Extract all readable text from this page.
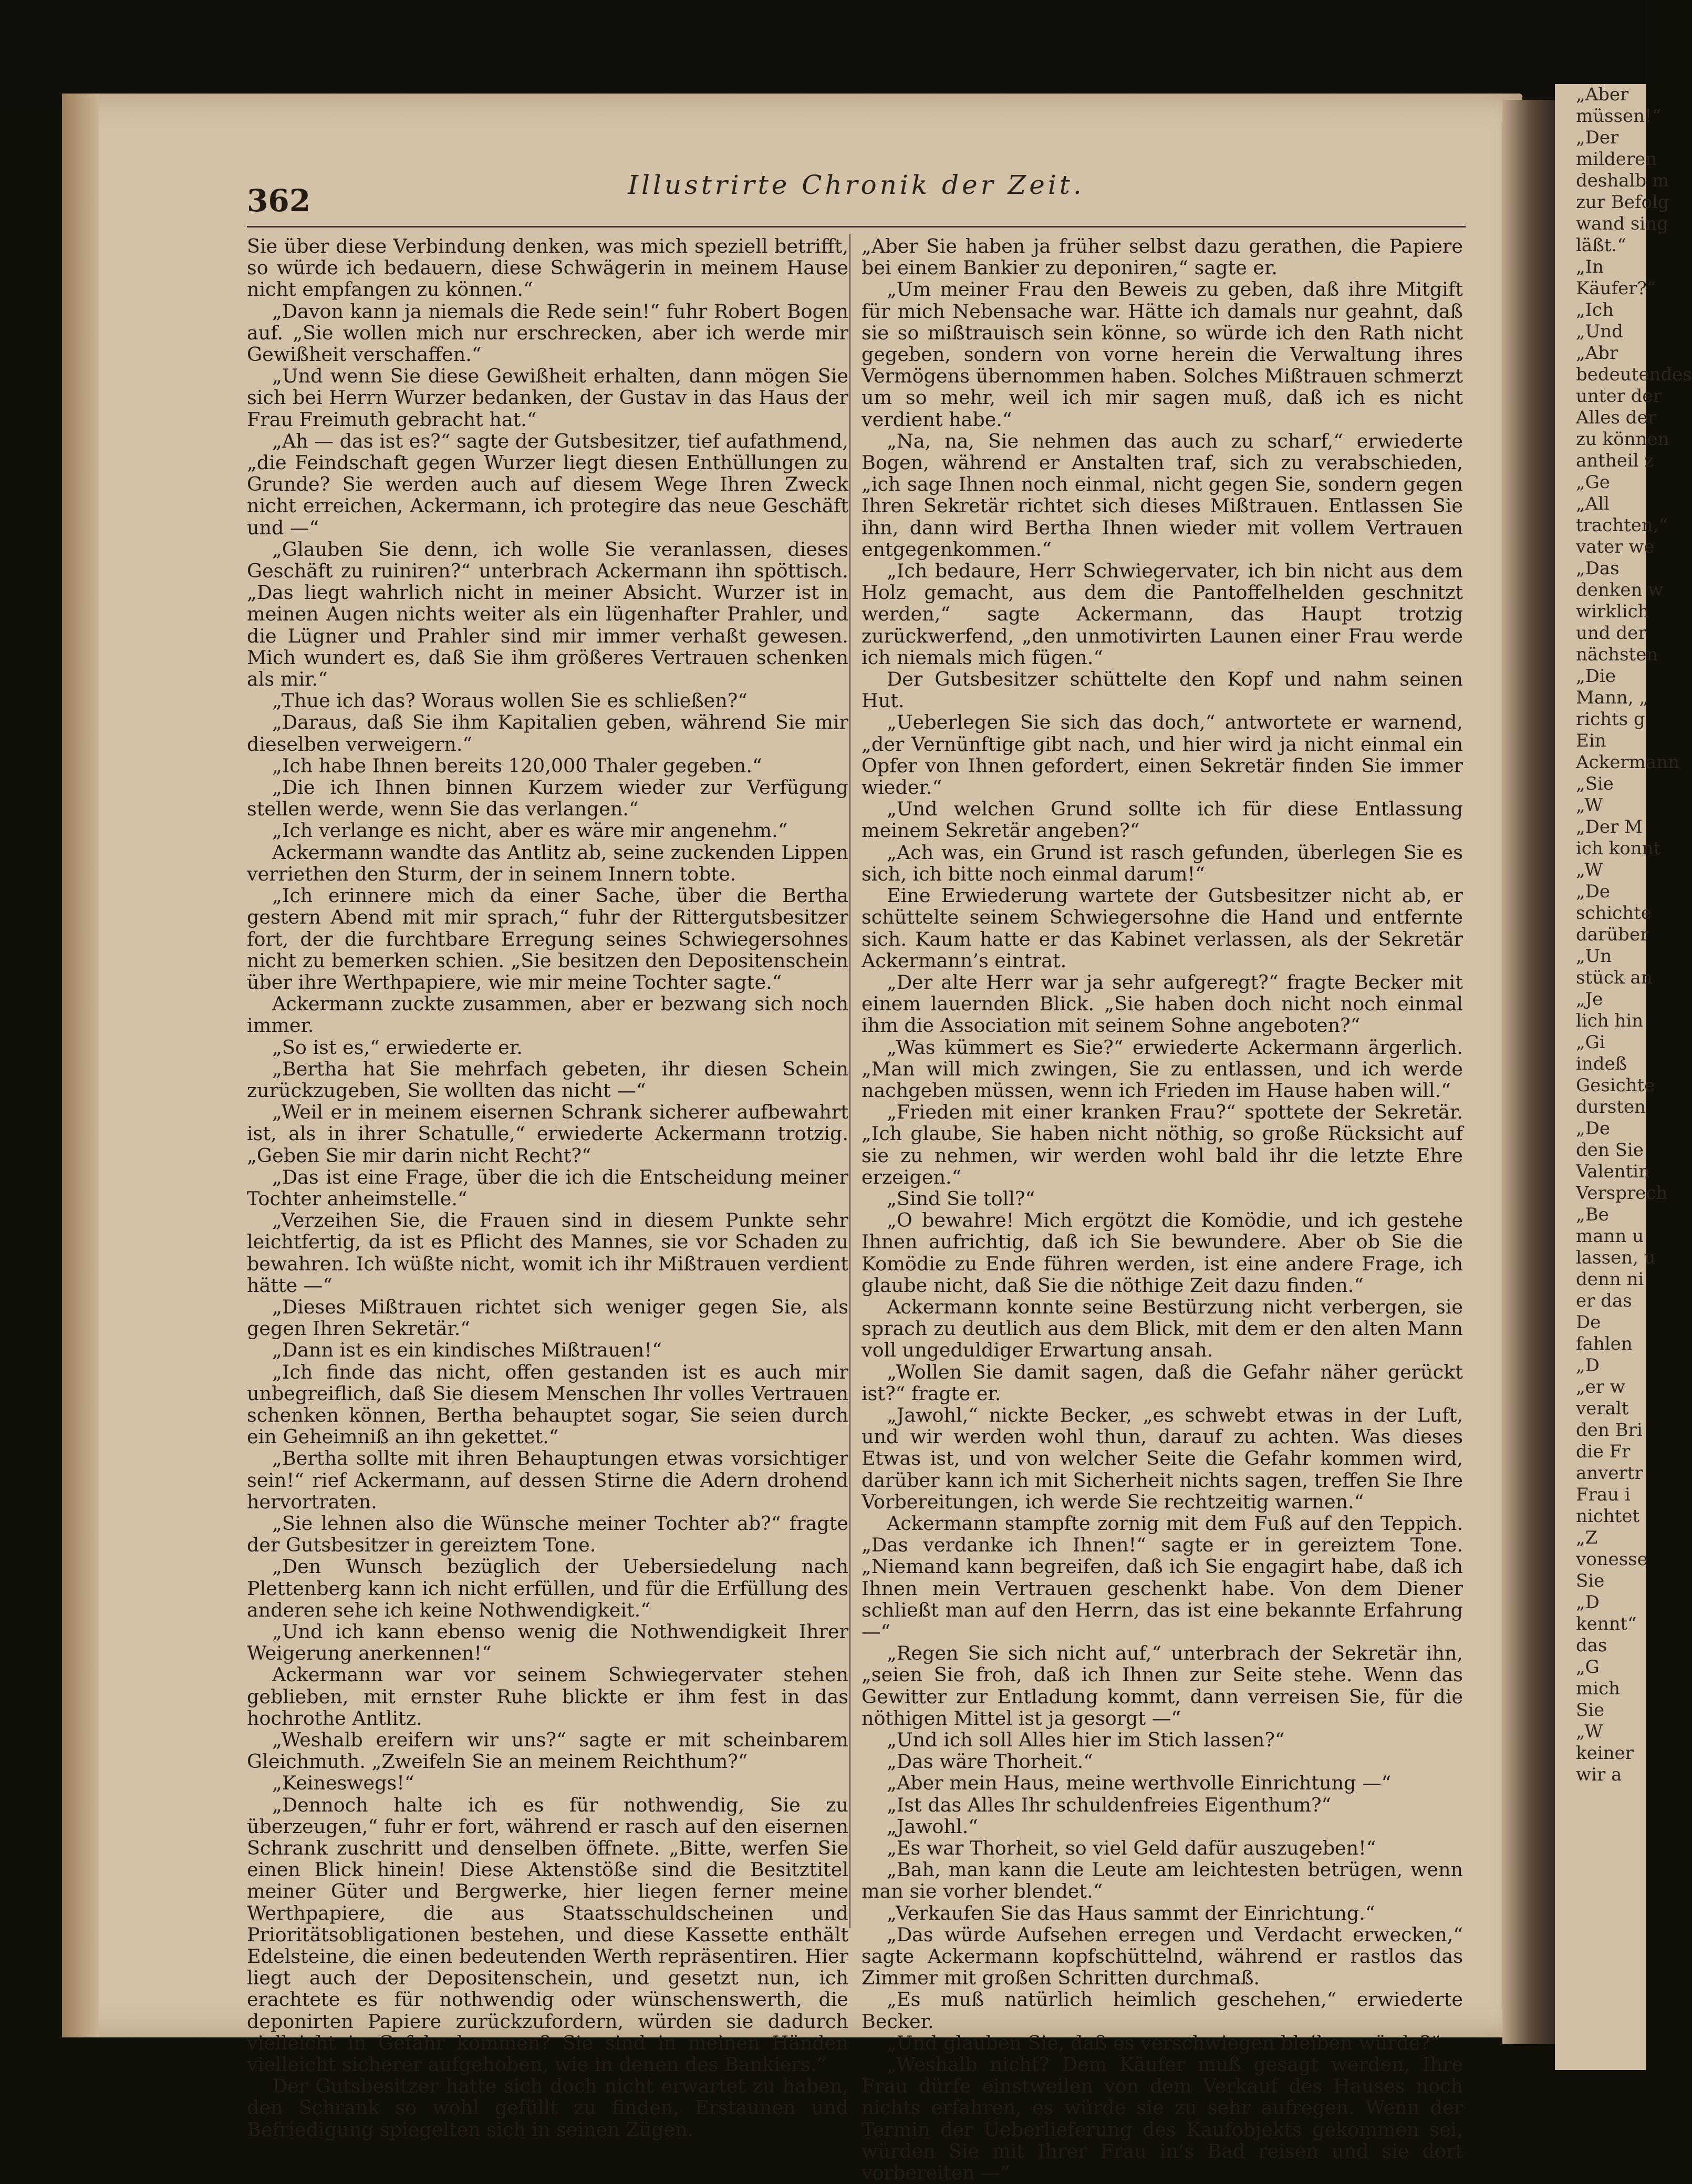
„Aber
müssen!“
„Der
milderen
deshalb m
zur Befolg
wand sing
läßt.“
„In
Käufer?“
„Ich
„Und
„Abr
bedeutendes
unter der
Alles der
zu können
antheil z
„Ge
„All
trachten,“
vater we
„Das
denken w
wirklich
und der
nächsten
„Die
Mann, „
richts g
Ein
Ackermann
„Sie
„W
„Der M
ich konnt
„W
„De
schichte
darüber
„Un
stück an
„Je
lich hin
„Gi
indeß
Gesichte
dursten
„De
den Sie
Valentin
Versprech
„Be
mann u
lassen, u
denn ni
er das
De
fahlen
„D
„er w
veralt
den Bri
die Fr
anvertr
Frau i
nichtet
„Z
vonesse
Sie
„D
kennt“
das
„G
mich
Sie
„W
keiner
wir a
362	Illustrirte Chronik der Zeit.

Sie über diese Verbindung denken, was mich speziell betrifft, so würde ich bedauern, diese Schwägerin in meinem Hause nicht empfangen zu können.“

„Davon kann ja niemals die Rede sein!“ fuhr Robert Bogen auf. „Sie wollen mich nur erschrecken, aber ich werde mir Gewißheit verschaffen.“

„Und wenn Sie diese Gewißheit erhalten, dann mögen Sie sich bei Herrn Wurzer bedanken, der Gustav in das Haus der Frau Freimuth gebracht hat.“

„Ah — das ist es?“ sagte der Gutsbesitzer, tief aufathmend, „die Feindschaft gegen Wurzer liegt diesen Enthüllungen zu Grunde? Sie werden auch auf diesem Wege Ihren Zweck nicht erreichen, Ackermann, ich protegire das neue Geschäft und —“

„Glauben Sie denn, ich wolle Sie veranlassen, dieses Geschäft zu ruiniren?“ unterbrach Ackermann ihn spöttisch. „Das liegt wahrlich nicht in meiner Absicht. Wurzer ist in meinen Augen nichts weiter als ein lügenhafter Prahler, und die Lügner und Prahler sind mir immer verhaßt gewesen. Mich wundert es, daß Sie ihm größeres Vertrauen schenken als mir.“

„Thue ich das? Woraus wollen Sie es schließen?“

„Daraus, daß Sie ihm Kapitalien geben, während Sie mir dieselben verweigern.“

„Ich habe Ihnen bereits 120,000 Thaler gegeben.“

„Die ich Ihnen binnen Kurzem wieder zur Verfügung stellen werde, wenn Sie das verlangen.“

„Ich verlange es nicht, aber es wäre mir angenehm.“

Ackermann wandte das Antlitz ab, seine zuckenden Lippen verriethen den Sturm, der in seinem Innern tobte.

„Ich erinnere mich da einer Sache, über die Bertha gestern Abend mit mir sprach,“ fuhr der Rittergutsbesitzer fort, der die furchtbare Erregung seines Schwiegersohnes nicht zu bemerken schien. „Sie besitzen den Depositenschein über ihre Werthpapiere, wie mir meine Tochter sagte.“

Ackermann zuckte zusammen, aber er bezwang sich noch immer.

„So ist es,“ erwiederte er.

„Bertha hat Sie mehrfach gebeten, ihr diesen Schein zurückzugeben, Sie wollten das nicht —“

„Weil er in meinem eisernen Schrank sicherer aufbewahrt ist, als in ihrer Schatulle,“ erwiederte Ackermann trotzig. „Geben Sie mir darin nicht Recht?“

„Das ist eine Frage, über die ich die Entscheidung meiner Tochter anheimstelle.“

„Verzeihen Sie, die Frauen sind in diesem Punkte sehr leichtfertig, da ist es Pflicht des Mannes, sie vor Schaden zu bewahren. Ich wüßte nicht, womit ich ihr Mißtrauen verdient hätte —“

„Dieses Mißtrauen richtet sich weniger gegen Sie, als gegen Ihren Sekretär.“

„Dann ist es ein kindisches Mißtrauen!“

„Ich finde das nicht, offen gestanden ist es auch mir unbegreiflich, daß Sie diesem Menschen Ihr volles Vertrauen schenken können, Bertha behauptet sogar, Sie seien durch ein Geheimniß an ihn gekettet.“

„Bertha sollte mit ihren Behauptungen etwas vorsichtiger sein!“ rief Ackermann, auf dessen Stirne die Adern drohend hervortraten.

„Sie lehnen also die Wünsche meiner Tochter ab?“ fragte der Gutsbesitzer in gereiztem Tone.

„Den Wunsch bezüglich der Uebersiedelung nach Plettenberg kann ich nicht erfüllen, und für die Erfüllung des anderen sehe ich keine Nothwendigkeit.“

„Und ich kann ebenso wenig die Nothwendigkeit Ihrer Weigerung anerkennen!“

Ackermann war vor seinem Schwiegervater stehen geblieben, mit ernster Ruhe blickte er ihm fest in das hochrothe Antlitz.

„Weshalb ereifern wir uns?“ sagte er mit scheinbarem Gleichmuth. „Zweifeln Sie an meinem Reichthum?“

„Keineswegs!“

„Dennoch halte ich es für nothwendig, Sie zu überzeugen,“ fuhr er fort, während er rasch auf den eisernen Schrank zuschritt und denselben öffnete. „Bitte, werfen Sie einen Blick hinein! Diese Aktenstöße sind die Besitztitel meiner Güter und Bergwerke, hier liegen ferner meine Werthpapiere, die aus Staatsschuldscheinen und Prioritätsobligationen bestehen, und diese Kassette enthält Edelsteine, die einen bedeutenden Werth repräsentiren. Hier liegt auch der Depositenschein, und gesetzt nun, ich erachtete es für nothwendig oder wünschenswerth, die deponirten Papiere zurückzufordern, würden sie dadurch vielleicht in Gefahr kommen? Sie sind in meinen Händen vielleicht sicherer aufgehoben, wie in denen des Bankiers.“

Der Gutsbesitzer hatte sich doch nicht erwartet zu haben, den Schrank so wohl gefüllt zu finden, Erstaunen und Befriedigung spiegelten sich in seinen Zügen.

„Aber Sie haben ja früher selbst dazu gerathen, die Papiere bei einem Bankier zu deponiren,“ sagte er.

„Um meiner Frau den Beweis zu geben, daß ihre Mitgift für mich Nebensache war. Hätte ich damals nur geahnt, daß sie so mißtrauisch sein könne, so würde ich den Rath nicht gegeben, sondern von vorne herein die Verwaltung ihres Vermögens übernommen haben. Solches Mißtrauen schmerzt um so mehr, weil ich mir sagen muß, daß ich es nicht verdient habe.“

„Na, na, Sie nehmen das auch zu scharf,“ erwiederte Bogen, während er Anstalten traf, sich zu verabschieden, „ich sage Ihnen noch einmal, nicht gegen Sie, sondern gegen Ihren Sekretär richtet sich dieses Mißtrauen. Entlassen Sie ihn, dann wird Bertha Ihnen wieder mit vollem Vertrauen entgegenkommen.“

„Ich bedaure, Herr Schwiegervater, ich bin nicht aus dem Holz gemacht, aus dem die Pantoffelhelden geschnitzt werden,“ sagte Ackermann, das Haupt trotzig zurückwerfend, „den unmotivirten Launen einer Frau werde ich niemals mich fügen.“

Der Gutsbesitzer schüttelte den Kopf und nahm seinen Hut.

„Ueberlegen Sie sich das doch,“ antwortete er warnend, „der Vernünftige gibt nach, und hier wird ja nicht einmal ein Opfer von Ihnen gefordert, einen Sekretär finden Sie immer wieder.“

„Und welchen Grund sollte ich für diese Entlassung meinem Sekretär angeben?“

„Ach was, ein Grund ist rasch gefunden, überlegen Sie es sich, ich bitte noch einmal darum!“

Eine Erwiederung wartete der Gutsbesitzer nicht ab, er schüttelte seinem Schwiegersohne die Hand und entfernte sich. Kaum hatte er das Kabinet verlassen, als der Sekretär Ackermann’s eintrat.

„Der alte Herr war ja sehr aufgeregt?“ fragte Becker mit einem lauernden Blick. „Sie haben doch nicht noch einmal ihm die Association mit seinem Sohne angeboten?“

„Was kümmert es Sie?“ erwiederte Ackermann ärgerlich. „Man will mich zwingen, Sie zu entlassen, und ich werde nachgeben müssen, wenn ich Frieden im Hause haben will.“

„Frieden mit einer kranken Frau?“ spottete der Sekretär. „Ich glaube, Sie haben nicht nöthig, so große Rücksicht auf sie zu nehmen, wir werden wohl bald ihr die letzte Ehre erzeigen.“

„Sind Sie toll?“

„O bewahre! Mich ergötzt die Komödie, und ich gestehe Ihnen aufrichtig, daß ich Sie bewundere. Aber ob Sie die Komödie zu Ende führen werden, ist eine andere Frage, ich glaube nicht, daß Sie die nöthige Zeit dazu finden.“

Ackermann konnte seine Bestürzung nicht verbergen, sie sprach zu deutlich aus dem Blick, mit dem er den alten Mann voll ungeduldiger Erwartung ansah.

„Wollen Sie damit sagen, daß die Gefahr näher gerückt ist?“ fragte er.

„Jawohl,“ nickte Becker, „es schwebt etwas in der Luft, und wir werden wohl thun, darauf zu achten. Was dieses Etwas ist, und von welcher Seite die Gefahr kommen wird, darüber kann ich mit Sicherheit nichts sagen, treffen Sie Ihre Vorbereitungen, ich werde Sie rechtzeitig warnen.“

Ackermann stampfte zornig mit dem Fuß auf den Teppich. „Das verdanke ich Ihnen!“ sagte er in gereiztem Tone. „Niemand kann begreifen, daß ich Sie engagirt habe, daß ich Ihnen mein Vertrauen geschenkt habe. Von dem Diener schließt man auf den Herrn, das ist eine bekannte Erfahrung —“

„Regen Sie sich nicht auf,“ unterbrach der Sekretär ihn, „seien Sie froh, daß ich Ihnen zur Seite stehe. Wenn das Gewitter zur Entladung kommt, dann verreisen Sie, für die nöthigen Mittel ist ja gesorgt —“

„Und ich soll Alles hier im Stich lassen?“

„Das wäre Thorheit.“

„Aber mein Haus, meine werthvolle Einrichtung —“

„Ist das Alles Ihr schuldenfreies Eigenthum?“

„Jawohl.“

„Es war Thorheit, so viel Geld dafür auszugeben!“

„Bah, man kann die Leute am leichtesten betrügen, wenn man sie vorher blendet.“

„Verkaufen Sie das Haus sammt der Einrichtung.“

„Das würde Aufsehen erregen und Verdacht erwecken,“ sagte Ackermann kopfschüttelnd, während er rastlos das Zimmer mit großen Schritten durchmaß.

„Es muß natürlich heimlich geschehen,“ erwiederte Becker.

„Und glauben Sie, daß es verschwiegen bleiben würde?“

„Weshalb nicht? Dem Käufer muß gesagt werden, Ihre Frau dürfe einstweilen von dem Verkauf des Hauses noch nichts erfahren, es würde sie zu sehr aufregen. Wenn der Termin der Ueberlieferung des Kaufobjekts gekommen sei, würden Sie mit Ihrer Frau in’s Bad reisen und sie dort vorbereiten —“
